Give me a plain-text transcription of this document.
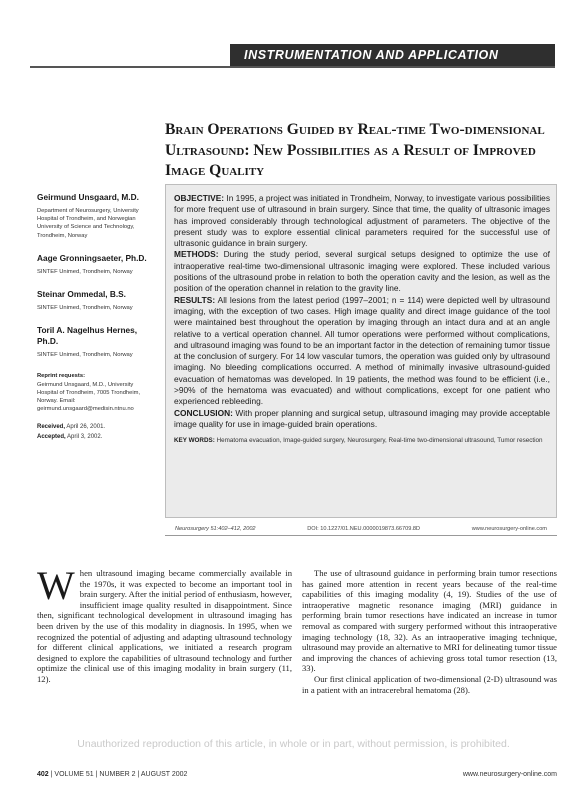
INSTRUMENTATION AND APPLICATION
Brain Operations Guided by Real-time Two-dimensional Ultrasound: New Possibilities as a Result of Improved Image Quality
Geirmund Unsgaard, M.D.
Department of Neurosurgery, University Hospital of Trondheim, and Norwegian University of Science and Technology, Trondheim, Norway
Aage Gronningsaeter, Ph.D.
SINTEF Unimed, Trondheim, Norway
Steinar Ommedal, B.S.
SINTEF Unimed, Trondheim, Norway
Toril A. Nagelhus Hernes, Ph.D.
SINTEF Unimed, Trondheim, Norway
Reprint requests:
Geirmund Unsgaard, M.D., University Hospital of Trondheim, 7005 Trondheim, Norway. Email: geirmund.unsgaard@medisin.ntnu.no
Received, April 26, 2001.
Accepted, April 3, 2002.

OBJECTIVE: In 1995, a project was initiated in Trondheim, Norway, to investigate various possibilities for more frequent use of ultrasound in brain surgery. Since that time, the quality of ultrasonic images has improved considerably through technological adjustment of parameters. The objective of the present study was to explore essential clinical parameters required for the successful use of ultrasonic guidance in brain surgery.

METHODS: During the study period, several surgical setups designed to optimize the use of intraoperative real-time two-dimensional ultrasonic imaging were explored. These included various positions of the ultrasound probe in relation to both the operation cavity and the lesion, as well as the position of the operation channel in relation to the gravity line.

RESULTS: All lesions from the latest period (1997–2001; n = 114) were depicted well by ultrasound imaging, with the exception of two cases. High image quality and direct image guidance of the tool were maintained best throughout the operation by imaging through an intact dura and at an angle relative to a vertical operation channel. All tumor operations were performed without complications, and ultrasound imaging was found to be an important factor in the detection of remaining tumor tissue at the conclusion of surgery. For 14 low vascular tumors, the operation was guided only by ultrasound imaging. No bleeding complications occurred. A method of minimally invasive ultrasound-guided evacuation of hematomas was developed. In 19 patients, the method was found to be efficient (i.e., >90% of the hematoma was evacuated) and without complications, except for one patient who experienced rebleeding.

CONCLUSION: With proper planning and surgical setup, ultrasound imaging may provide acceptable image quality for use in image-guided brain operations.

KEY WORDS: Hematoma evacuation, Image-guided surgery, Neurosurgery, Real-time two-dimensional ultrasound, Tumor resection

Neurosurgery 51:402–412, 2002	DOI: 10.1227/01.NEU.0000019873.66709.8D	www.neurosurgery-online.com

W hen ultrasound imaging became commercially available in the 1970s, it was expected to become an important tool in brain surgery. After the initial period of enthusiasm, however, insufficient image quality resulted in disappointment. Since then, significant technological development in ultrasound imaging has been driven by the use of this modality in diagnosis. In 1995, when we recognized the potential of adjusting and adapting ultrasound technology for different clinical applications, we initiated a research program designed to explore the capabilities of ultrasound technology and further optimize the clinical use of this imaging modality in brain surgery (11, 12).

The use of ultrasound guidance in performing brain tumor resections has gained more attention in recent years because of the real-time capabilities of this imaging modality (4, 19). Studies of the use of intraoperative magnetic resonance imaging (MRI) guidance in performing brain tumor resections have indicated an increase in tumor removal as compared with surgery performed without this intraoperative imaging technology (18, 32). As an intraoperative imaging technique, ultrasound may provide an alternative to MRI for delineating tumor tissue and improving the chances of achieving gross total tumor resection (13, 33).

Our first clinical application of two-dimensional (2-D) ultrasound was in a patient with an intracerebral hematoma (28).

Unauthorized reproduction of this article, in whole or in part, without permission, is prohibited.
402 | VOLUME 51 | NUMBER 2 | AUGUST 2002	www.neurosurgery-online.com
